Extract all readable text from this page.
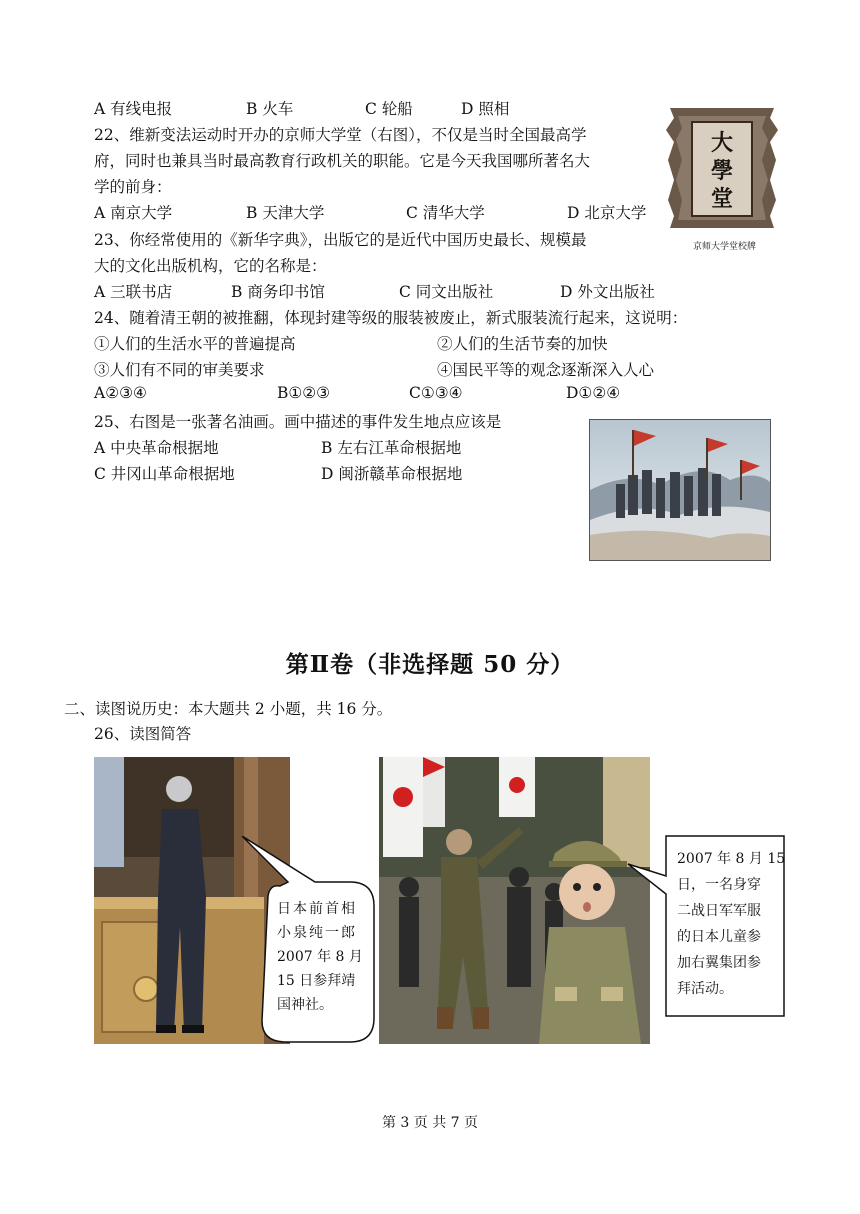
A 有线电报	B 火车	C 轮船	D 照相
22、维新变法运动时开办的京师大学堂（右图），不仅是当时全国最高学
府，同时也兼具当时最高教育行政机关的职能。它是今天我国哪所著名大
学的前身：
A 南京大学	B 天津大学	C 清华大学	D 北京大学
大
學
堂
京师大学堂校牌
23、你经常使用的《新华字典》，出版它的是近代中国历史最长、规模最
大的文化出版机构，它的名称是：
A 三联书店	B 商务印书馆	C 同文出版社	D 外文出版社
24、随着清王朝的被推翻，体现封建等级的服装被废止，新式服装流行起来，这说明：
①人们的生活水平的普遍提高	②人们的生活节奏的加快
③人们有不同的审美要求	④国民平等的观念逐渐深入人心
A②③④	B①②③	C①③④	D①②④
25、右图是一张著名油画。画中描述的事件发生地点应该是
A 中央革命根据地	B 左右江革命根据地
C 井冈山革命根据地	D 闽浙赣革命根据地
第Ⅱ卷（非选择题 50 分）
二、读图说历史：本大题共 2 小题，共 16 分。
26、读图简答
日本前首相
小泉纯一郎
2007 年 8 月
15 日参拜靖
国神社。
2007 年 8 月 15
日，一名身穿
二战日军军服
的日本儿童参
加右翼集团参
拜活动。
第 3 页 共 7 页
